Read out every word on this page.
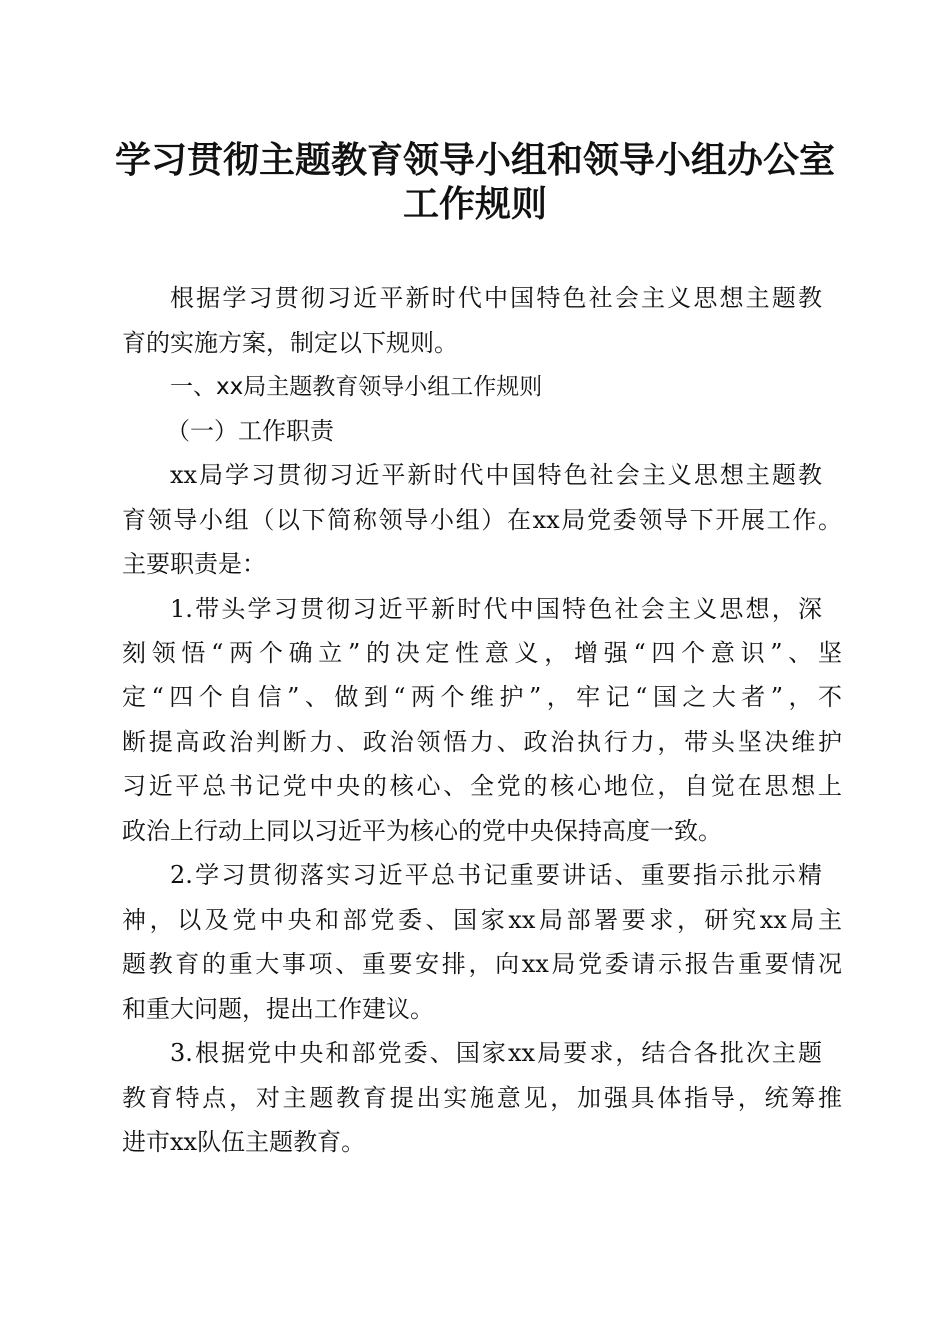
学习贯彻主题教育领导小组和领导小组办公室
工作规则

根据学习贯彻习近平新时代中国特色社会主义思想主题教

育的实施方案，制定以下规则。

一、xx局主题教育领导小组工作规则

（一）工作职责

xx局学习贯彻习近平新时代中国特色社会主义思想主题教

育领导小组（以下简称领导小组）在xx局党委领导下开展工作。

主要职责是：

1.带头学习贯彻习近平新时代中国特色社会主义思想，深

刻领悟“两个确立”的决定性意义，增强“四个意识”、坚

定“四个自信”、做到“两个维护”，牢记“国之大者”，不

断提高政治判断力、政治领悟力、政治执行力，带头坚决维护

习近平总书记党中央的核心、全党的核心地位，自觉在思想上

政治上行动上同以习近平为核心的党中央保持高度一致。

2.学习贯彻落实习近平总书记重要讲话、重要指示批示精

神，以及党中央和部党委、国家xx局部署要求，研究xx局主

题教育的重大事项、重要安排，向xx局党委请示报告重要情况

和重大问题，提出工作建议。

3.根据党中央和部党委、国家xx局要求，结合各批次主题

教育特点，对主题教育提出实施意见，加强具体指导，统筹推

进市xx队伍主题教育。
